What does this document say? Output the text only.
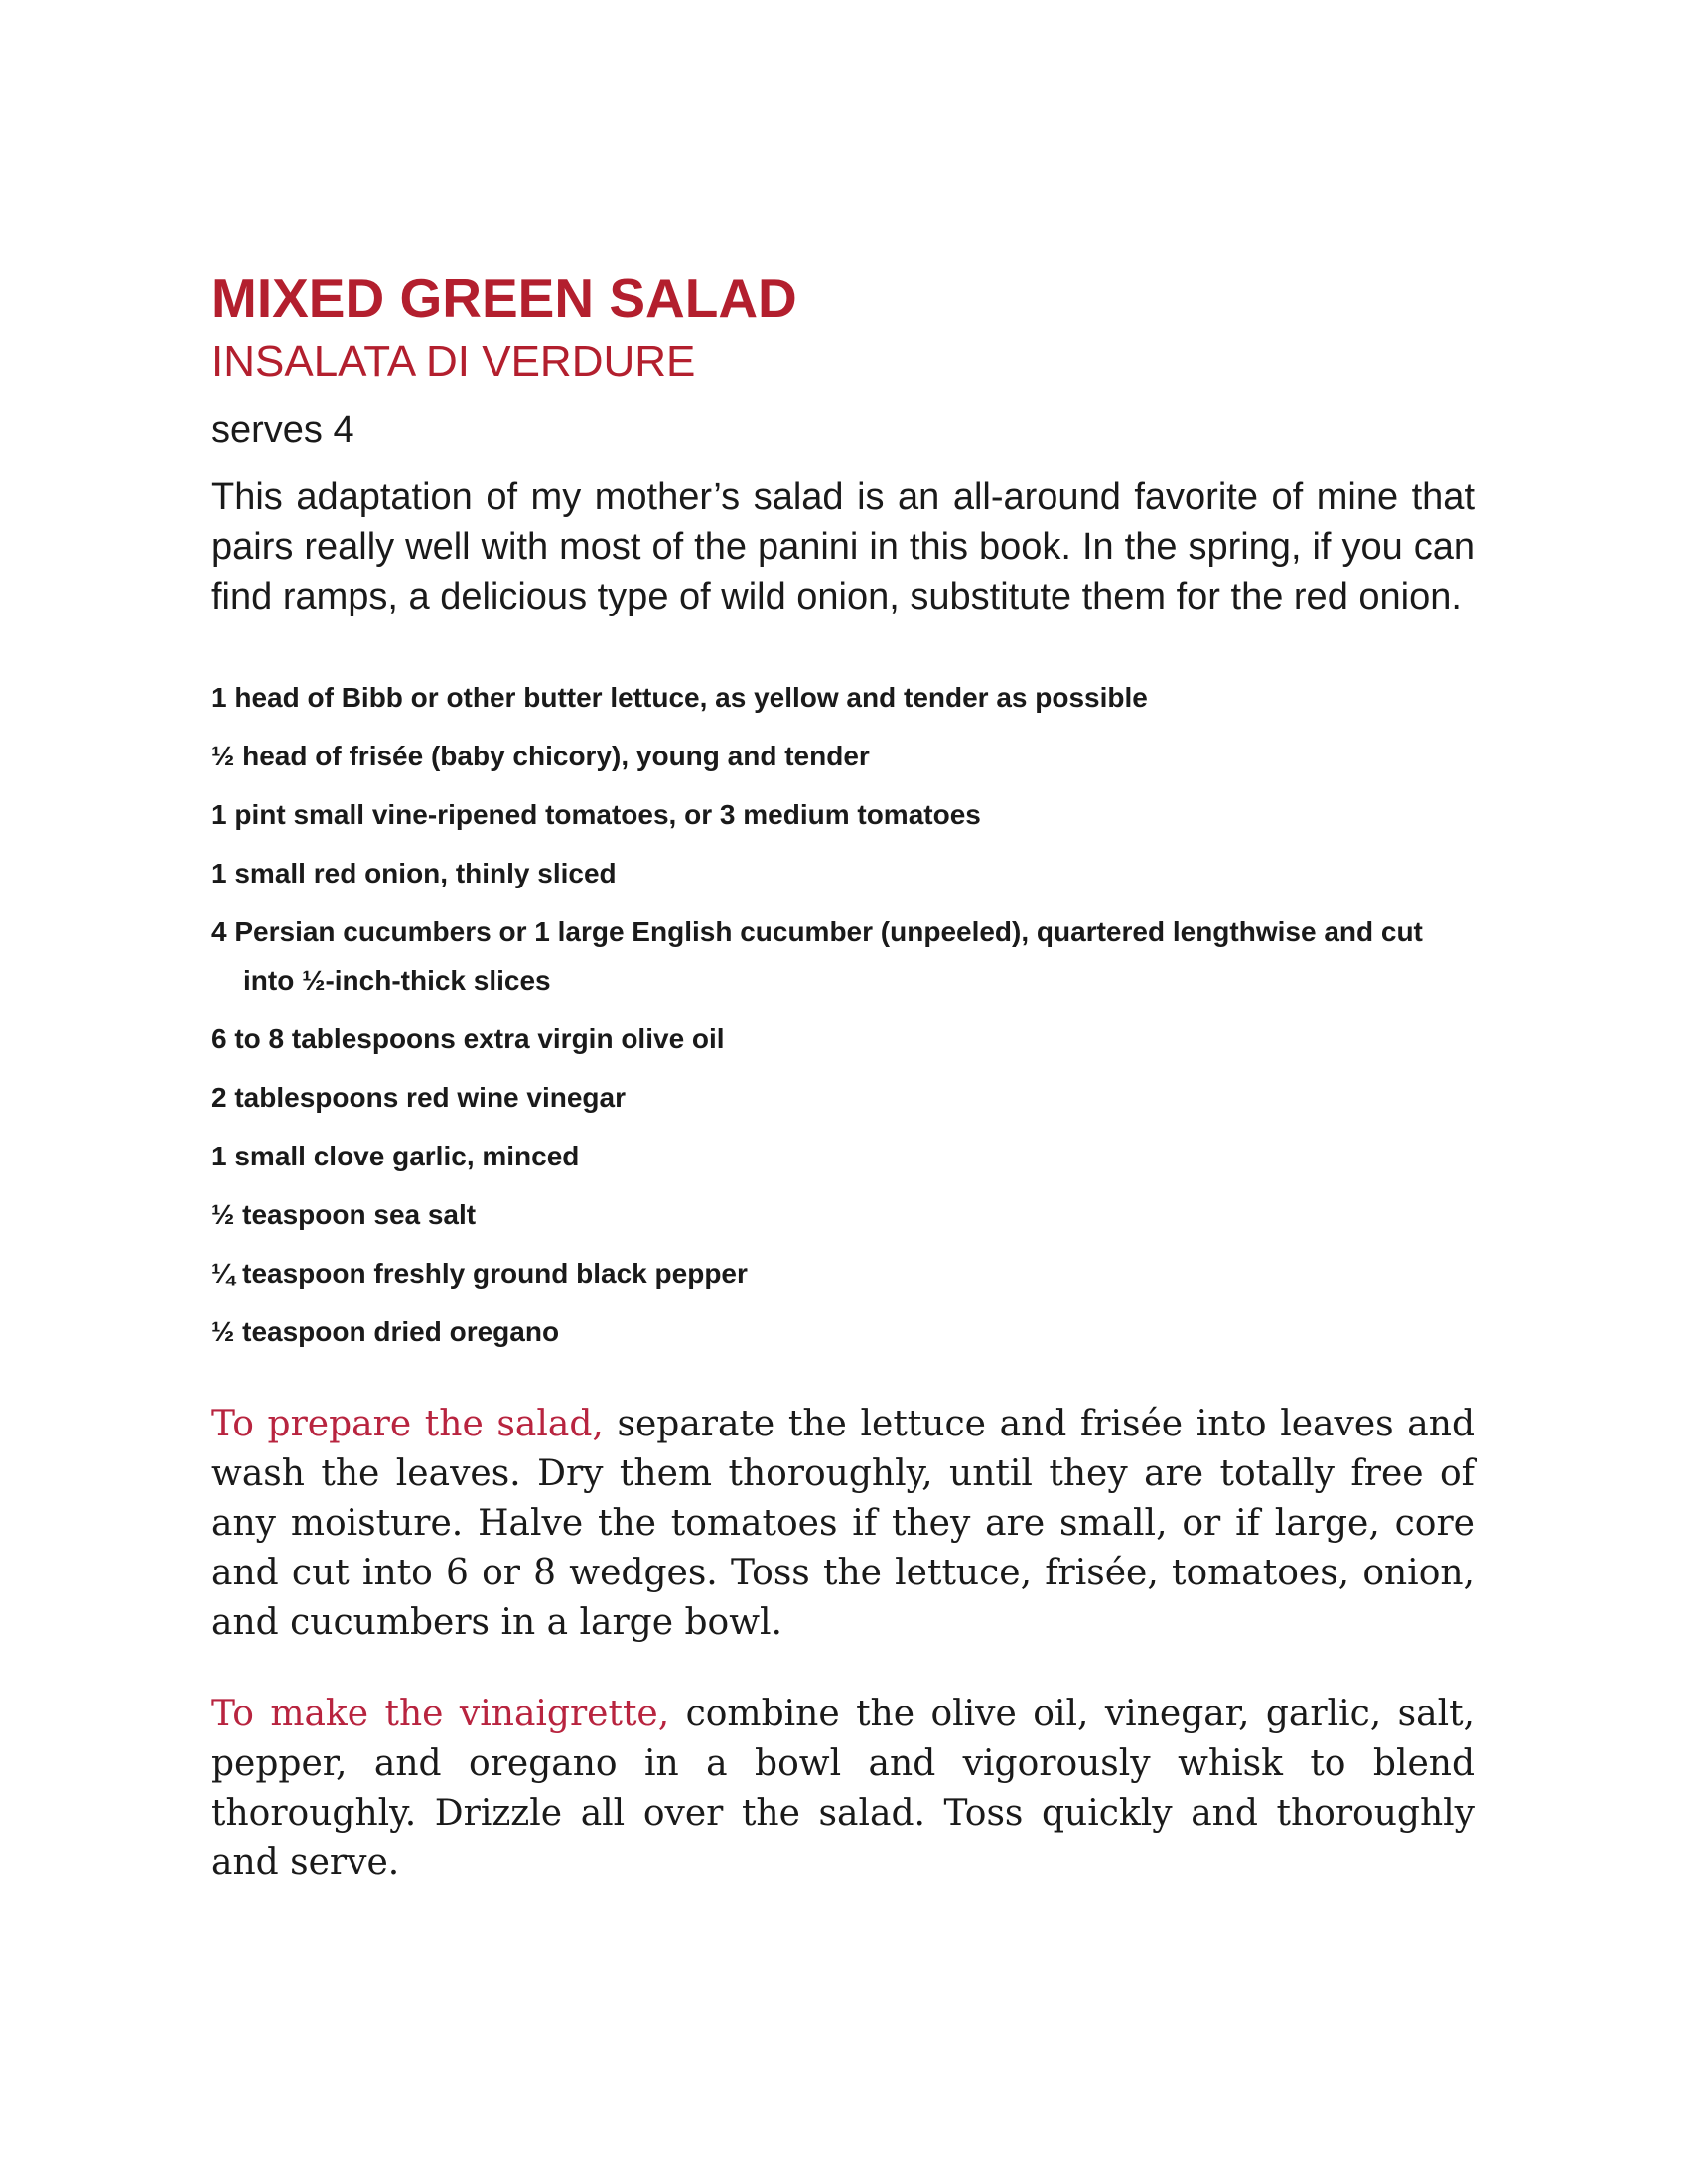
MIXED GREEN SALAD
INSALATA DI VERDURE

serves 4

This adaptation of my mother’s salad is an all-around favorite of mine that pairs really well with most of the panini in this book. In the spring, if you can find ramps, a delicious type of wild onion, substitute them for the red onion.

1 head of Bibb or other butter lettuce, as yellow and tender as possible
½ head of frisée (baby chicory), young and tender
1 pint small vine-ripened tomatoes, or 3 medium tomatoes
1 small red onion, thinly sliced
4 Persian cucumbers or 1 large English cucumber (unpeeled), quartered lengthwise and cut into ½-inch-thick slices
6 to 8 tablespoons extra virgin olive oil
2 tablespoons red wine vinegar
1 small clove garlic, minced
½ teaspoon sea salt
¼ teaspoon freshly ground black pepper
½ teaspoon dried oregano

To prepare the salad, separate the lettuce and frisée into leaves and wash the leaves. Dry them thoroughly, until they are totally free of any moisture. Halve the tomatoes if they are small, or if large, core and cut into 6 or 8 wedges. Toss the lettuce, frisée, tomatoes, onion, and cucumbers in a large bowl.

To make the vinaigrette, combine the olive oil, vinegar, garlic, salt, pepper, and oregano in a bowl and vigorously whisk to blend thoroughly. Drizzle all over the salad. Toss quickly and thoroughly and serve.
